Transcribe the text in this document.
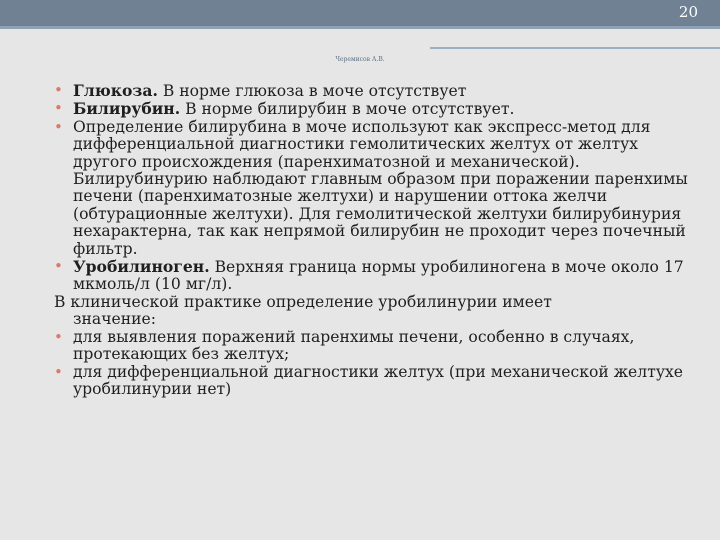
20
Черемисов А.В.

• Глюкоза. В норме глюкоза в моче отсутствует

• Билирубин. В норме билирубин в моче отсутствует.

• Определение билирубина в моче используют как экспресс-метод для дифференциальной диагностики гемолитических желтух от желтух другого происхождения (паренхиматозной и механической). Билирубинурию наблюдают главным образом при поражении паренхимы печени (паренхиматозные желтухи) и нарушении оттока желчи (обтурационные желтухи). Для гемолитической желтухи билирубинурия нехарактерна, так как непрямой билирубин не проходит через почечный фильтр.

• Уробилиноген. Верхняя граница нормы уробилиногена в моче около 17 мкмоль/л (10 мг/л).

В клинической практике определение уробилинурии имеет
значение:

• для выявления поражений паренхимы печени, особенно в случаях, протекающих без желтух;

• для дифференциальной диагностики желтух (при механической желтухе уробилинурии нет)
